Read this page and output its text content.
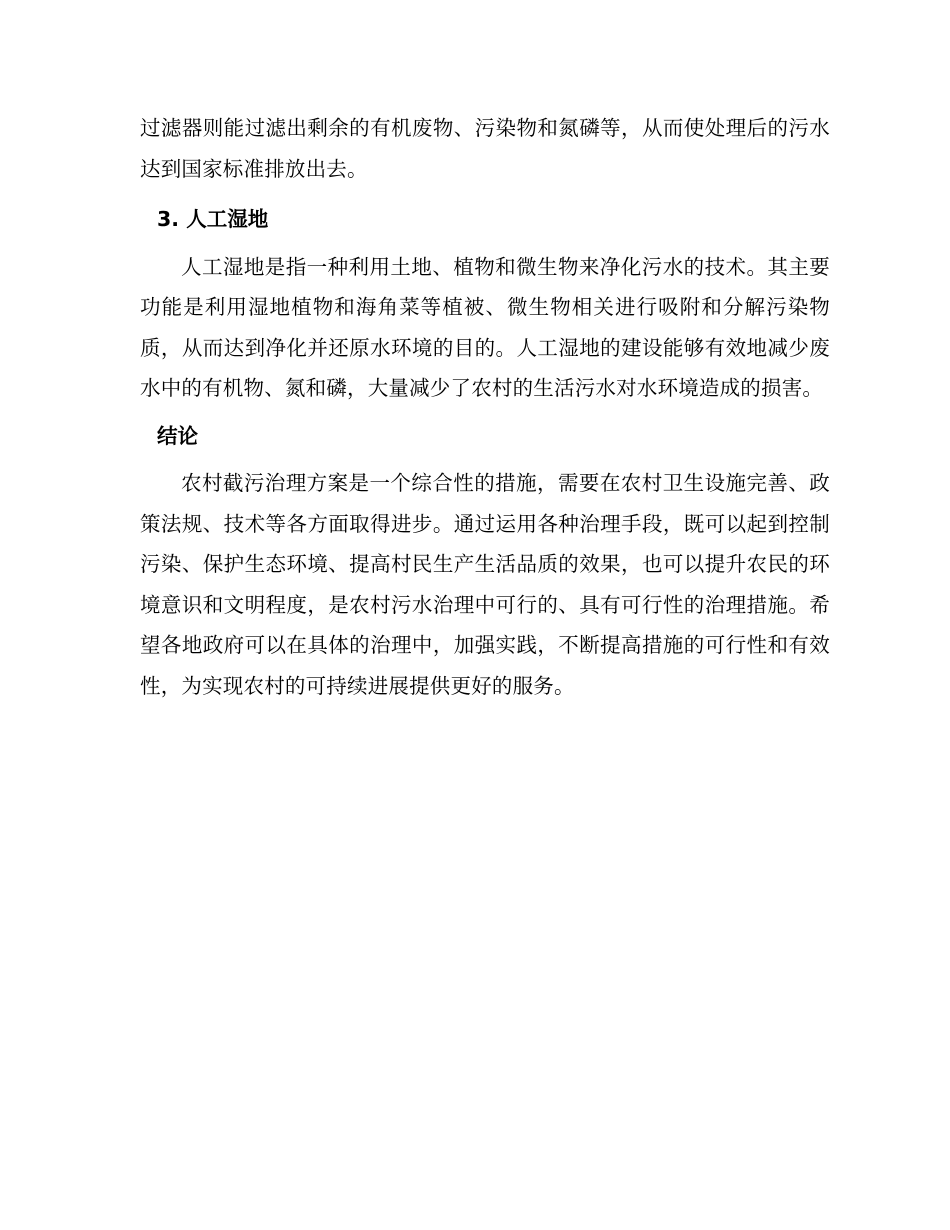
过滤器则能过滤出剩余的有机废物、污染物和氮磷等，从而使处理后的污水达到国家标准排放出去。

3. 人工湿地

人工湿地是指一种利用土地、植物和微生物来净化污水的技术。其主要功能是利用湿地植物和海角菜等植被、微生物相关进行吸附和分解污染物质，从而达到净化并还原水环境的目的。人工湿地的建设能够有效地减少废水中的有机物、氮和磷，大量减少了农村的生活污水对水环境造成的损害。

结论

农村截污治理方案是一个综合性的措施，需要在农村卫生设施完善、政策法规、技术等各方面取得进步。通过运用各种治理手段，既可以起到控制污染、保护生态环境、提高村民生产生活品质的效果，也可以提升农民的环境意识和文明程度，是农村污水治理中可行的、具有可行性的治理措施。希望各地政府可以在具体的治理中，加强实践，不断提高措施的可行性和有效性，为实现农村的可持续进展提供更好的服务。
